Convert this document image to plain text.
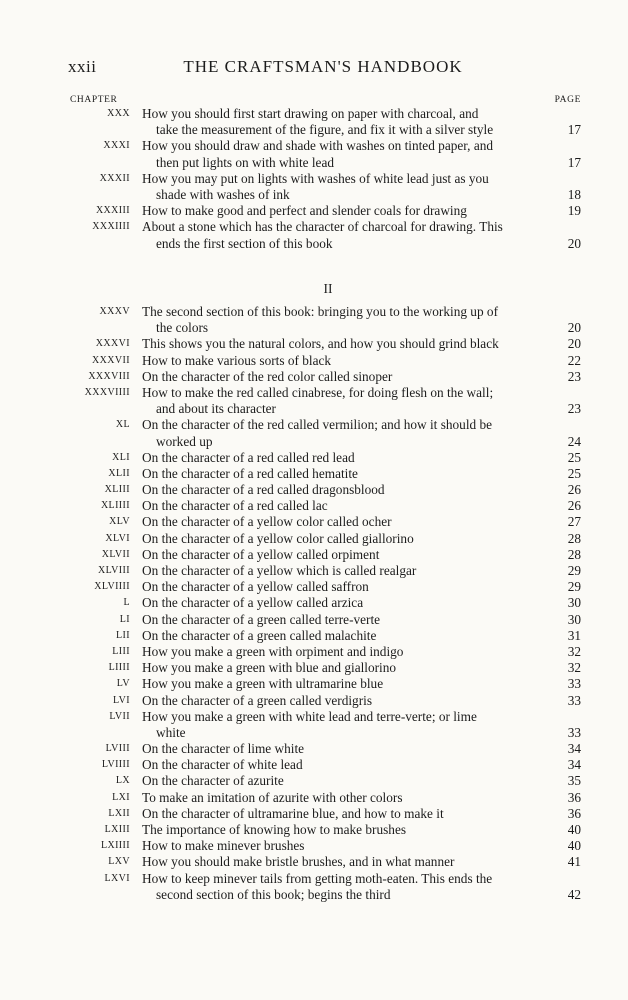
xxii	THE CRAFTSMAN'S HANDBOOK
CHAPTER	PAGE
XXX How you should first start drawing on paper with charcoal, and
take the measurement of the figure, and fix it with a silver style	17
XXXI How you should draw and shade with washes on tinted paper, and
then put lights on with white lead	17
XXXII How you may put on lights with washes of white lead just as you
shade with washes of ink	18
XXXIII How to make good and perfect and slender coals for drawing	19
XXXIIII About a stone which has the character of charcoal for drawing. This
ends the first section of this book	20
II
XXXV The second section of this book: bringing you to the working up of
the colors	20
XXXVI This shows you the natural colors, and how you should grind black	20
XXXVII How to make various sorts of black	22
XXXVIII On the character of the red color called sinoper	23
XXXVIIII How to make the red called cinabrese, for doing flesh on the wall;
and about its character	23
XL On the character of the red called vermilion; and how it should be
worked up	24
XLI On the character of a red called red lead	25
XLII On the character of a red called hematite	25
XLIII On the character of a red called dragonsblood	26
XLIIII On the character of a red called lac	26
XLV On the character of a yellow color called ocher	27
XLVI On the character of a yellow color called giallorino	28
XLVII On the character of a yellow called orpiment	28
XLVIII On the character of a yellow which is called realgar	29
XLVIIII On the character of a yellow called saffron	29
L On the character of a yellow called arzica	30
LI On the character of a green called terre-verte	30
LII On the character of a green called malachite	31
LIII How you make a green with orpiment and indigo	32
LIIII How you make a green with blue and giallorino	32
LV How you make a green with ultramarine blue	33
LVI On the character of a green called verdigris	33
LVII How you make a green with white lead and terre-verte; or lime
white	33
LVIII On the character of lime white	34
LVIIII On the character of white lead	34
LX On the character of azurite	35
LXI To make an imitation of azurite with other colors	36
LXII On the character of ultramarine blue, and how to make it	36
LXIII The importance of knowing how to make brushes	40
LXIIII How to make minever brushes	40
LXV How you should make bristle brushes, and in what manner	41
LXVI How to keep minever tails from getting moth-eaten. This ends the
second section of this book; begins the third	42
